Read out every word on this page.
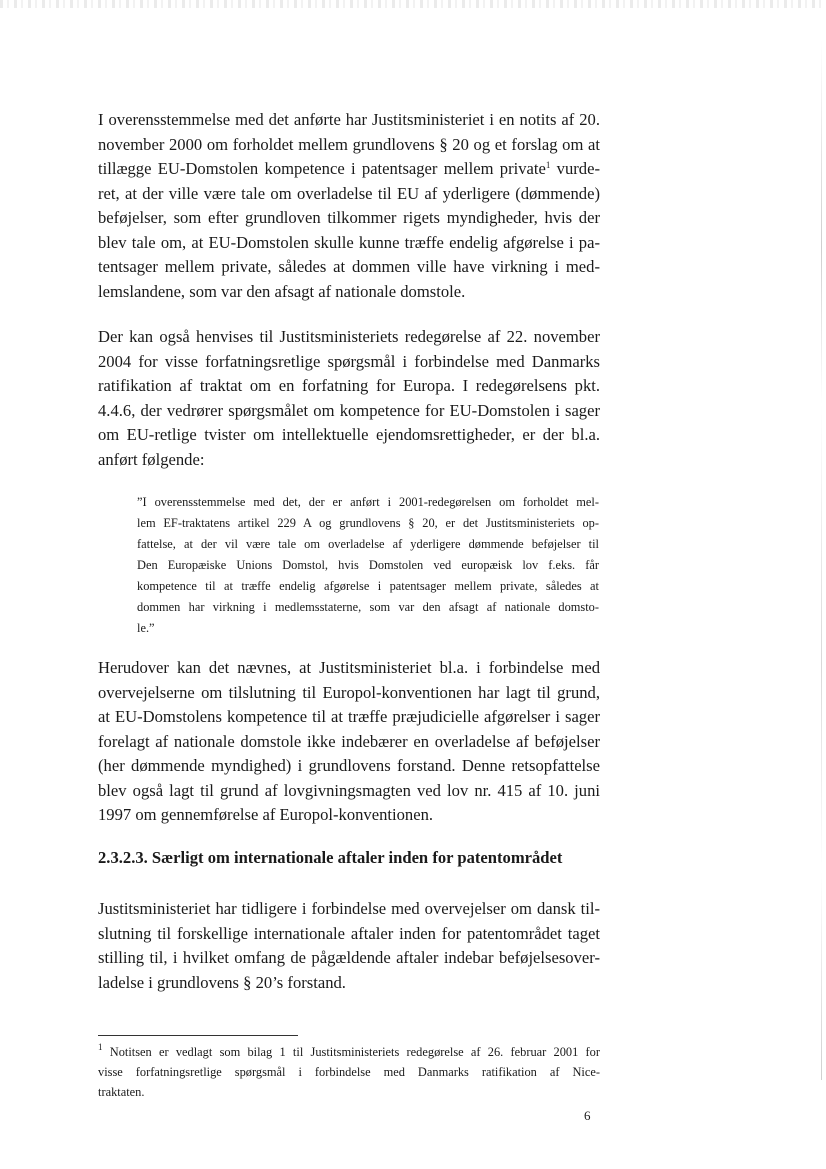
I overensstemmelse med det anførte har Justitsministeriet i en notits af 20.
november 2000 om forholdet mellem grundlovens § 20 og et forslag om at
tillægge EU-Domstolen kompetence i patentsager mellem private$^1$ vurde-
ret, at der ville være tale om overladelse til EU af yderligere (dømmende)
beføjelser, som efter grundloven tilkommer rigets myndigheder, hvis der
blev tale om, at EU-Domstolen skulle kunne træffe endelig afgørelse i pa-
tentsager mellem private, således at dommen ville have virkning i med-
lemslandene, som var den afsagt af nationale domstole.
Der kan også henvises til Justitsministeriets redegørelse af 22. november
2004 for visse forfatningsretlige spørgsmål i forbindelse med Danmarks
ratifikation af traktat om en forfatning for Europa. I redegørelsens pkt.
4.4.6, der vedrører spørgsmålet om kompetence for EU-Domstolen i sager
om EU-retlige tvister om intellektuelle ejendomsrettigheder, er der bl.a.
anført følgende:
”I overensstemmelse med det, der er anført i 2001-redegørelsen om forholdet mel-
lem EF-traktatens artikel 229 A og grundlovens § 20, er det Justitsministeriets op-
fattelse, at der vil være tale om overladelse af yderligere dømmende beføjelser til
Den Europæiske Unions Domstol, hvis Domstolen ved europæisk lov f.eks. får
kompetence til at træffe endelig afgørelse i patentsager mellem private, således at
dommen har virkning i medlemsstaterne, som var den afsagt af nationale domsto-
le.”
Herudover kan det nævnes, at Justitsministeriet bl.a. i forbindelse med
overvejelserne om tilslutning til Europol-konventionen har lagt til grund,
at EU-Domstolens kompetence til at træffe præjudicielle afgørelser i sager
forelagt af nationale domstole ikke indebærer en overladelse af beføjelser
(her dømmende myndighed) i grundlovens forstand. Denne retsopfattelse
blev også lagt til grund af lovgivningsmagten ved lov nr. 415 af 10. juni
1997 om gennemførelse af Europol-konventionen.
2.3.2.3. Særligt om internationale aftaler inden for patentområdet
Justitsministeriet har tidligere i forbindelse med overvejelser om dansk til-
slutning til forskellige internationale aftaler inden for patentområdet taget
stilling til, i hvilket omfang de pågældende aftaler indebar beføjelsesover-
ladelse i grundlovens § 20’s forstand.
$^1$ Notitsen er vedlagt som bilag 1 til Justitsministeriets redegørelse af 26. februar 2001 for
visse forfatningsretlige spørgsmål i forbindelse med Danmarks ratifikation af Nice-
traktaten.
6
